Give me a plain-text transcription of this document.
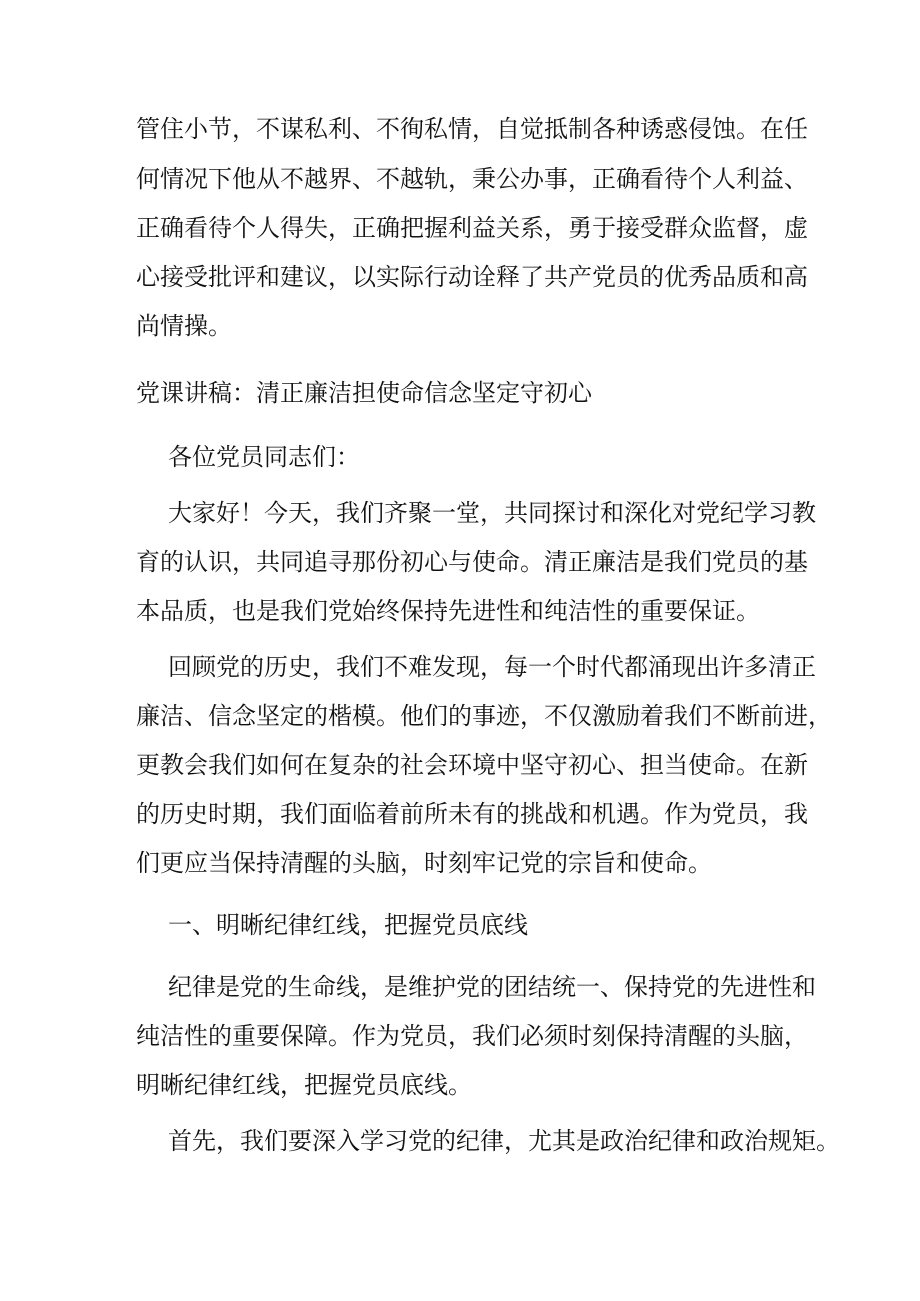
管住小节，不谋私利、不徇私情，自觉抵制各种诱惑侵蚀。在任
何情况下他从不越界、不越轨，秉公办事，正确看待个人利益、
正确看待个人得失，正确把握利益关系，勇于接受群众监督，虚
心接受批评和建议，以实际行动诠释了共产党员的优秀品质和高
尚情操。
党课讲稿：清正廉洁担使命信念坚定守初心
各位党员同志们：
大家好！今天，我们齐聚一堂，共同探讨和深化对党纪学习教
育的认识，共同追寻那份初心与使命。清正廉洁是我们党员的基
本品质，也是我们党始终保持先进性和纯洁性的重要保证。
回顾党的历史，我们不难发现，每一个时代都涌现出许多清正
廉洁、信念坚定的楷模。他们的事迹，不仅激励着我们不断前进，
更教会我们如何在复杂的社会环境中坚守初心、担当使命。在新
的历史时期，我们面临着前所未有的挑战和机遇。作为党员，我
们更应当保持清醒的头脑，时刻牢记党的宗旨和使命。
一、明晰纪律红线，把握党员底线
纪律是党的生命线，是维护党的团结统一、保持党的先进性和
纯洁性的重要保障。作为党员，我们必须时刻保持清醒的头脑，
明晰纪律红线，把握党员底线。
首先，我们要深入学习党的纪律，尤其是政治纪律和政治规矩。
